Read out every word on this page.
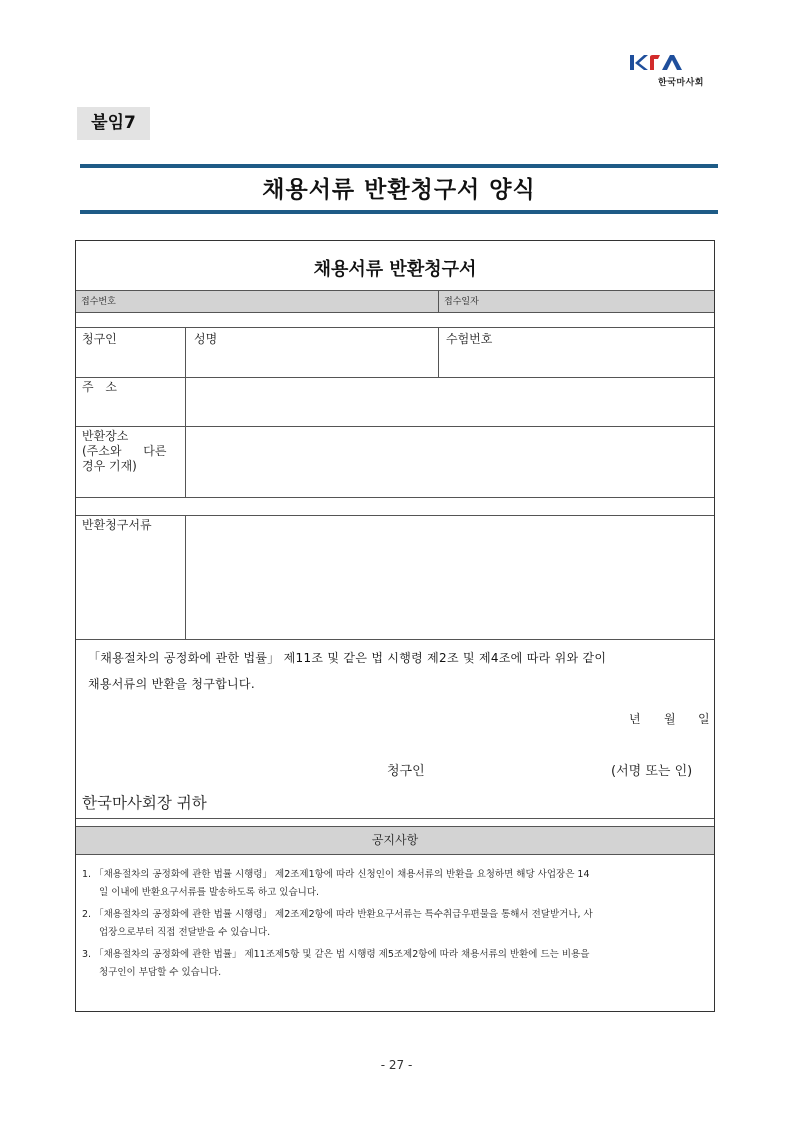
한국마사회
붙임7
채용서류 반환청구서 양식
채용서류 반환청구서
접수번호	접수일자
청구인	성명	수험번호
주 소
반환장소
(주소와 다른
경우 기재)
반환청구서류
「채용절차의 공정화에 관한 법률」 제11조 및 같은 법 시행령 제2조 및 제4조에 따라 위와 같이
채용서류의 반환을 청구합니다.
년 월 일
청구인	(서명 또는 인)
한국마사회장 귀하
공지사항
1. 「채용절차의 공정화에 관한 법률 시행령」 제2조제1항에 따라 신청인이 채용서류의 반환을 요청하면 해당 사업장은 14
일 이내에 반환요구서류를 발송하도록 하고 있습니다.
2. 「채용절차의 공정화에 관한 법률 시행령」 제2조제2항에 따라 반환요구서류는 특수취급우편물을 통해서 전달받거나, 사
업장으로부터 직접 전달받을 수 있습니다.
3. 「채용절차의 공정화에 관한 법률」 제11조제5항 및 같은 법 시행령 제5조제2항에 따라 채용서류의 반환에 드는 비용을
청구인이 부담할 수 있습니다.
- 27 -
